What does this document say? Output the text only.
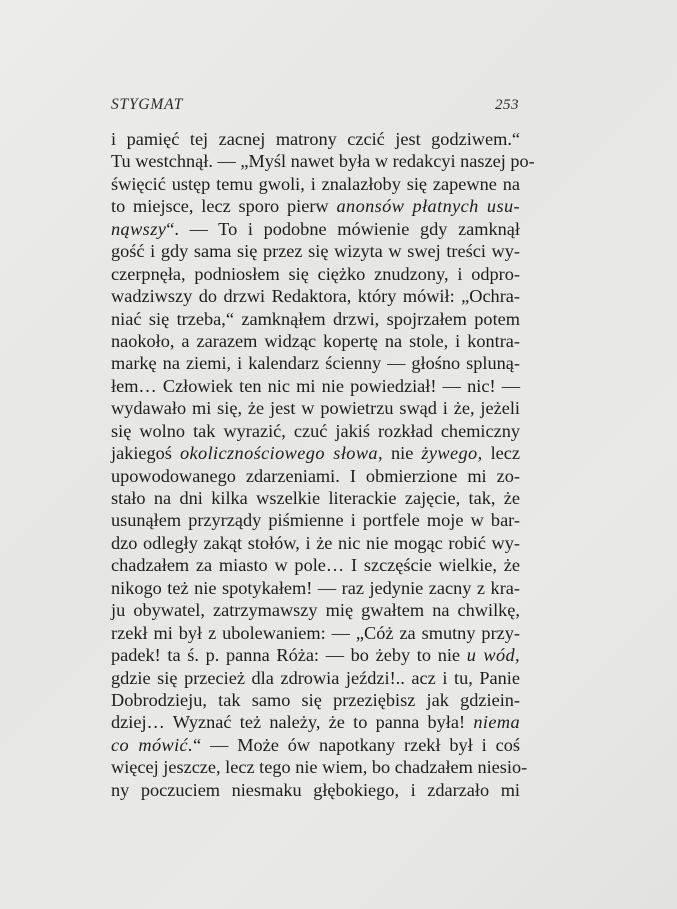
STYGMAT	253
i pamięć tej zacnej matrony czcić jest godziwem.“
Tu westchnął. — „Myśl nawet była w redakcyi naszej po-
święcić ustęp temu gwoli, i znalazłoby się zapewne na
to miejsce, lecz sporo pierw anonsów płatnych usu-
nąwszy“. — To i podobne mówienie gdy zamknął
gość i gdy sama się przez się wizyta w swej treści wy-
czerpnęła, podniosłem się ciężko znudzony, i odpro-
wadziwszy do drzwi Redaktora, który mówił: „Ochra-
niać się trzeba,“ zamknąłem drzwi, spojrzałem potem
naokoło, a zarazem widząc kopertę na stole, i kontra-
markę na ziemi, i kalendarz ścienny — głośno spluną-
łem… Człowiek ten nic mi nie powiedział! — nic! —
wydawało mi się, że jest w powietrzu swąd i że, jeżeli
się wolno tak wyrazić, czuć jakiś rozkład chemiczny
jakiegoś okolicznościowego słowa, nie żywego, lecz
upowodowanego zdarzeniami. I obmierzione mi zo-
stało na dni kilka wszelkie literackie zajęcie, tak, że
usunąłem przyrządy piśmienne i portfele moje w bar-
dzo odległy zakąt stołów, i że nic nie mogąc robić wy-
chadzałem za miasto w pole… I szczęście wielkie, że
nikogo też nie spotykałem! — raz jedynie zacny z kra-
ju obywatel, zatrzymawszy mię gwałtem na chwilkę,
rzekł mi był z ubolewaniem: — „Cóż za smutny przy-
padek! ta ś. p. panna Róża: — bo żeby to nie u wód,
gdzie się przecież dla zdrowia jeździ!.. acz i tu, Panie
Dobrodzieju, tak samo się przeziębisz jak gdziein-
dziej… Wyznać też należy, że to panna była! niema
co mówić.“ — Może ów napotkany rzekł był i coś
więcej jeszcze, lecz tego nie wiem, bo chadzałem niesio-
ny poczuciem niesmaku głębokiego, i zdarzało mi
